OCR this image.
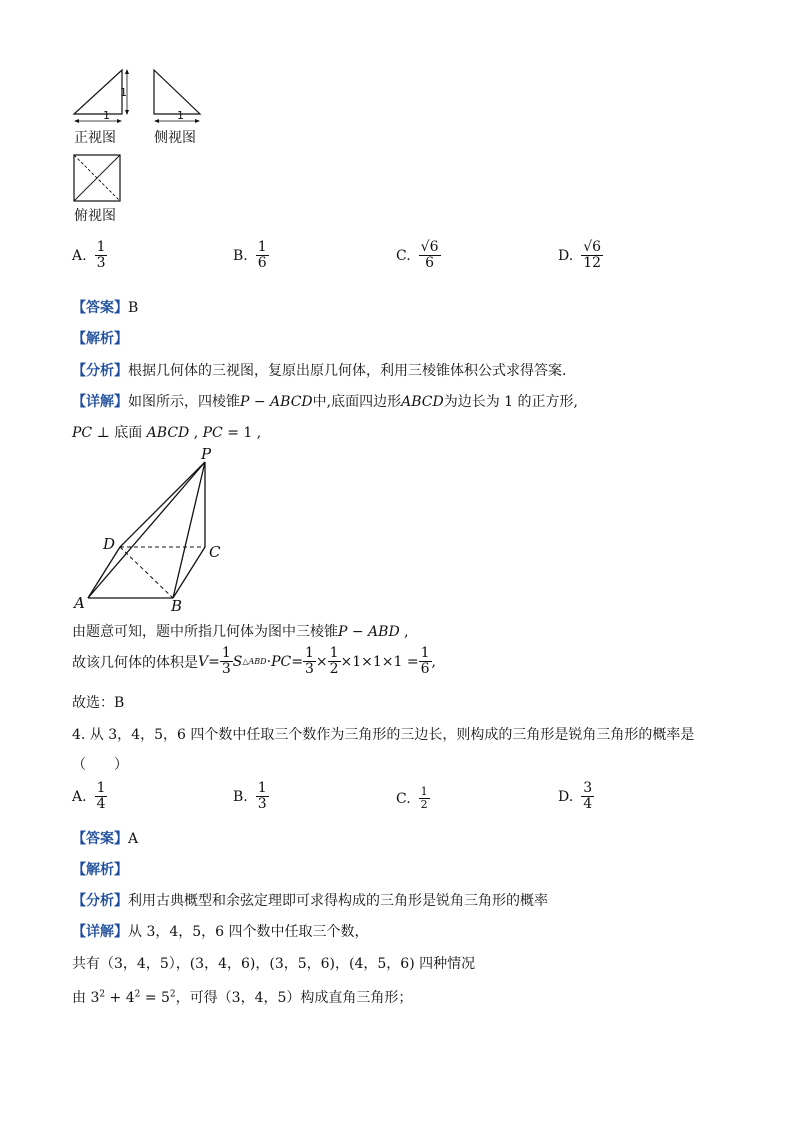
1
1
1
正视图	侧视图
俯视图
A. $\frac{1}{3}$	B. $\frac{1}{6}$	C. $\frac{√6}{6}$	D. $\frac{√6}{12}$
【答案】B
【解析】
【分析】根据几何体的三视图，复原出原几何体，利用三棱锥体积公式求得答案.
【详解】如图所示，四棱锥P − ABCD中,底面四边形ABCD为边长为 1 的正方形,
PC ⊥ 底面 ABCD , PC = 1 ,
P
C
D
A	B
由题意可知，题中所指几何体为图中三棱锥P − ABD ,
故该几何体的体积是 $V = \frac{1}{3}$ S △ABD · PC = $\frac{1}{3} \times \frac{1}{2} \times 1\times 1\times 1 = \frac{1}{6}$ ,
故选：B
4. 从 3，4，5，6 四个数中任取三个数作为三角形的三边长，则构成的三角形是锐角三角形的概率是
（　　）
A. $\frac{1}{4}$	B. $\frac{1}{3}$	C. $\frac{1}{2}$	D. $\frac{3}{4}$
【答案】A
【解析】
【分析】利用古典概型和余弦定理即可求得构成的三角形是锐角三角形的概率
【详解】从 3，4，5，6 四个数中任取三个数，
共有（3，4，5），(3，4，6)，(3，5，6)，(4，5，6) 四种情况
由 $3^2 + 4^2 = 5^2$，可得（3，4，5）构成直角三角形；
